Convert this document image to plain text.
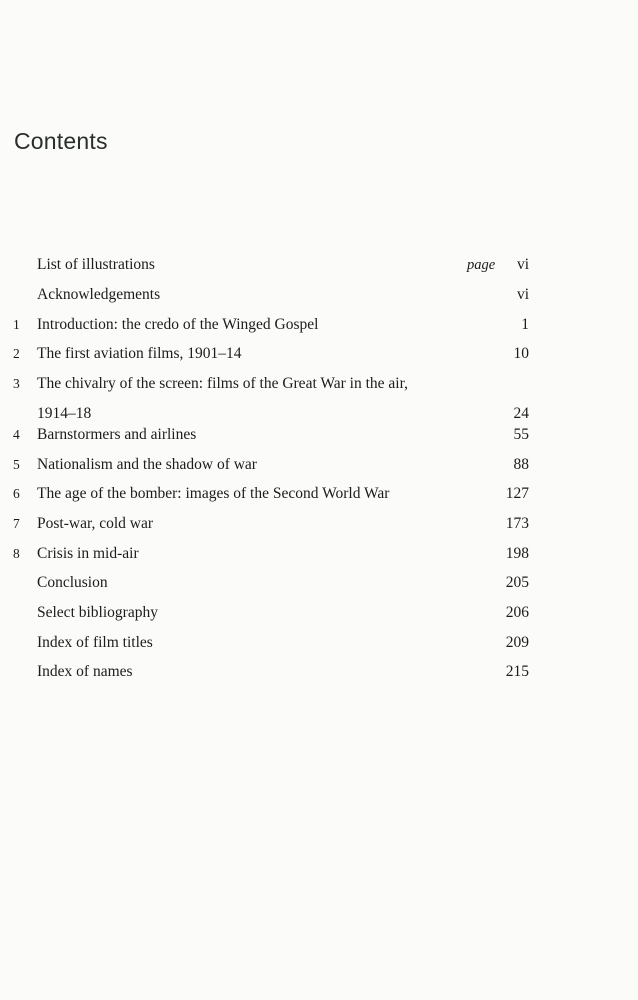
Contents
List of illustrations	page	vi
Acknowledgements	vi
1	Introduction: the credo of the Winged Gospel	1
2	The first aviation films, 1901–14	10
3	The chivalry of the screen: films of the Great War in the air,
1914–18	24
4	Barnstormers and airlines	55
5	Nationalism and the shadow of war	88
6	The age of the bomber: images of the Second World War	127
7	Post-war, cold war	173
8	Crisis in mid-air	198
Conclusion	205
Select bibliography	206
Index of film titles	209
Index of names	215
